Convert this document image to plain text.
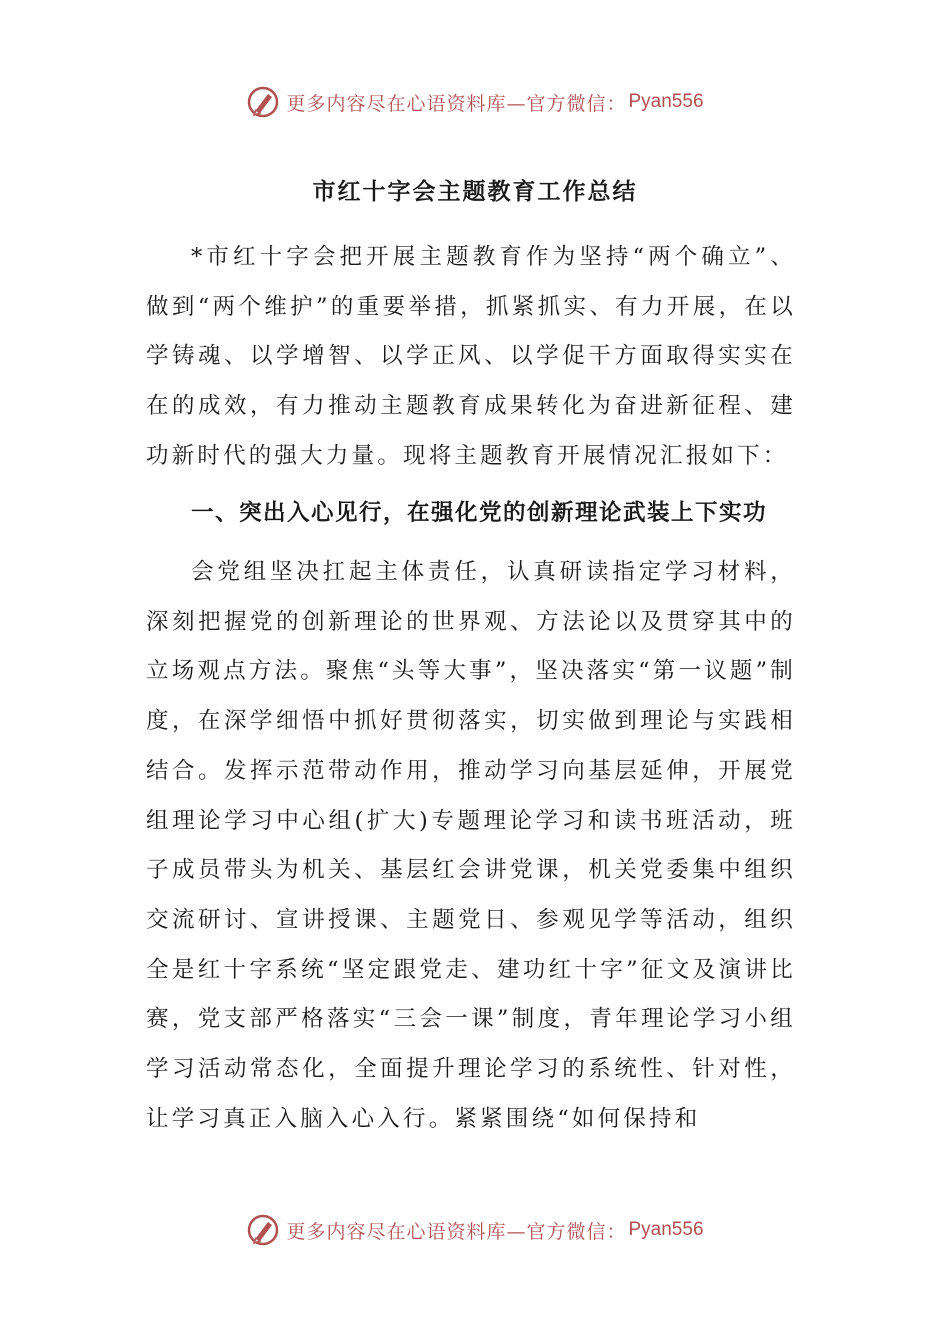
更多内容尽在心语资料库—官方微信： Pyan556
市红十字会主题教育工作总结

*市红十字会把开展主题教育作为坚持“两个确立”、做到“两个维护”的重要举措，抓紧抓实、有力开展，在以学铸魂、以学增智、以学正风、以学促干方面取得实实在在的成效，有力推动主题教育成果转化为奋进新征程、建功新时代的强大力量。现将主题教育开展情况汇报如下：

一、突出入心见行，在强化党的创新理论武装上下实功

会党组坚决扛起主体责任，认真研读指定学习材料，深刻把握党的创新理论的世界观、方法论以及贯穿其中的立场观点方法。聚焦“头等大事”，坚决落实“第一议题”制度，在深学细悟中抓好贯彻落实，切实做到理论与实践相结合。发挥示范带动作用，推动学习向基层延伸，开展党组理论学习中心组(扩大)专题理论学习和读书班活动，班子成员带头为机关、基层红会讲党课，机关党委集中组织交流研讨、宣讲授课、主题党日、参观见学等活动，组织全是红十字系统“坚定跟党走、建功红十字”征文及演讲比赛，党支部严格落实“三会一课”制度，青年理论学习小组学习活动常态化，全面提升理论学习的系统性、针对性，让学习真正入脑入心入行。紧紧围绕“如何保持和

更多内容尽在心语资料库—官方微信： Pyan556
